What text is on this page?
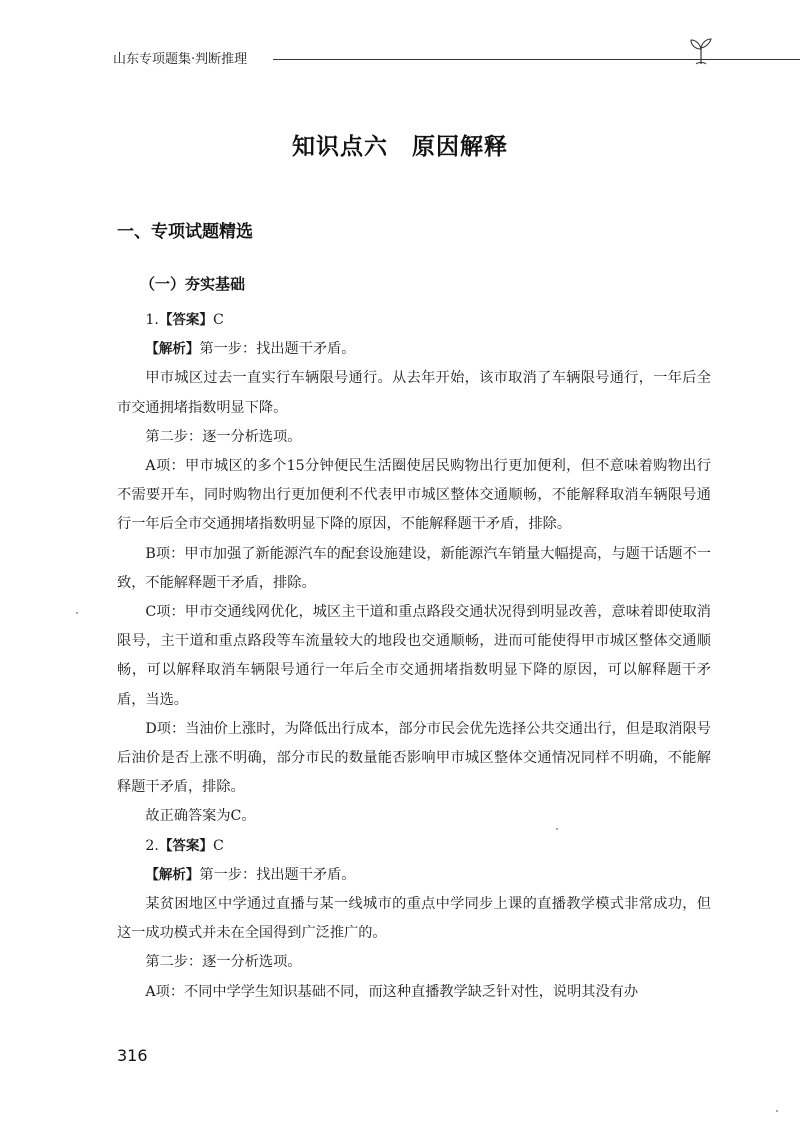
山东专项题集·判断推理
知识点六　原因解释
一、专项试题精选
（一）夯实基础

1.【答案】C

【解析】第一步：找出题干矛盾。

甲市城区过去一直实行车辆限号通行。从去年开始，该市取消了车辆限号通行，一年后全市交通拥堵指数明显下降。

第二步：逐一分析选项。

A项：甲市城区的多个15分钟便民生活圈使居民购物出行更加便利，但不意味着购物出行不需要开车，同时购物出行更加便利不代表甲市城区整体交通顺畅，不能解释取消车辆限号通行一年后全市交通拥堵指数明显下降的原因，不能解释题干矛盾，排除。

B项：甲市加强了新能源汽车的配套设施建设，新能源汽车销量大幅提高，与题干话题不一致，不能解释题干矛盾，排除。

C项：甲市交通线网优化，城区主干道和重点路段交通状况得到明显改善，意味着即使取消限号，主干道和重点路段等车流量较大的地段也交通顺畅，进而可能使得甲市城区整体交通顺畅，可以解释取消车辆限号通行一年后全市交通拥堵指数明显下降的原因，可以解释题干矛盾，当选。

D项：当油价上涨时，为降低出行成本，部分市民会优先选择公共交通出行，但是取消限号后油价是否上涨不明确，部分市民的数量能否影响甲市城区整体交通情况同样不明确，不能解释题干矛盾，排除。

故正确答案为C。

2.【答案】C

【解析】第一步：找出题干矛盾。

某贫困地区中学通过直播与某一线城市的重点中学同步上课的直播教学模式非常成功，但这一成功模式并未在全国得到广泛推广的。

第二步：逐一分析选项。

A项：不同中学学生知识基础不同，而这种直播教学缺乏针对性，说明其没有办

316
